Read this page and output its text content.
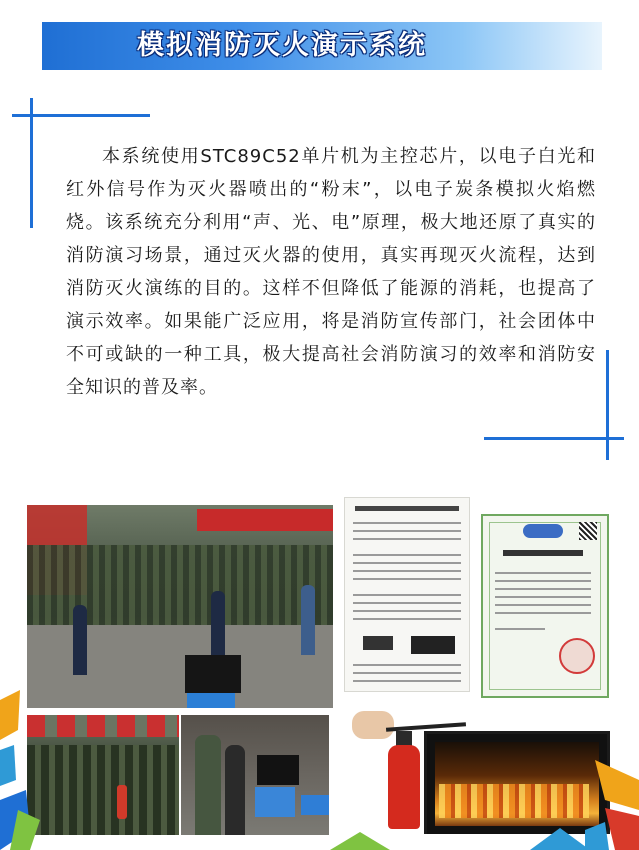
模拟消防灭火演示系统
本系统使用STC89C52单片机为主控芯片，以电子白光和红外信号作为灭火器喷出的“粉末”，以电子炭条模拟火焰燃烧。该系统充分利用“声、光、电”原理，极大地还原了真实的消防演习场景，通过灭火器的使用，真实再现灭火流程，达到消防灭火演练的目的。这样不但降低了能源的消耗，也提高了演示效率。如果能广泛应用，将是消防宣传部门，社会团体中不可或缺的一种工具，极大提高社会消防演习的效率和消防安全知识的普及率。
